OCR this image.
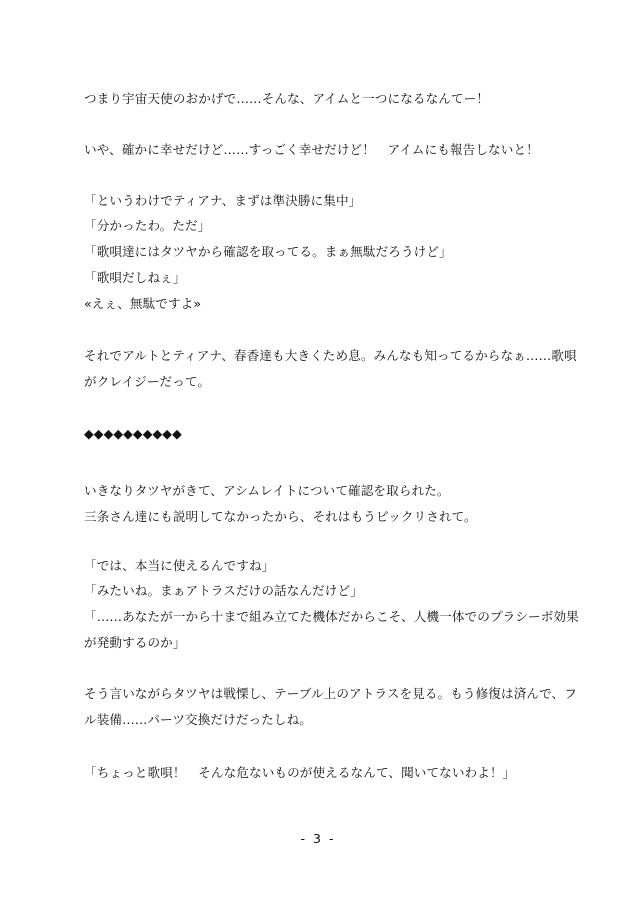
つまり宇宙天使のおかげで……そんな、アイムと一つになるなんてー！

いや、確かに幸せだけど……すっごく幸せだけど！　アイムにも報告しないと！

「というわけでティアナ、まずは準決勝に集中」

「分かったわ。ただ」

「歌唄達にはタツヤから確認を取ってる。まぁ無駄だろうけど」

「歌唄だしねぇ」

«えぇ、無駄ですよ»

それでアルトとティアナ、春香達も大きくため息。みんなも知ってるからなぁ……歌唄

がクレイジーだって。

◆◆◆◆◆◆◆◆◆◆

いきなりタツヤがきて、アシムレイトについて確認を取られた。

三条さん達にも説明してなかったから、それはもうビックリされて。

「では、本当に使えるんですね」

「みたいね。まぁアトラスだけの話なんだけど」

「……あなたが一から十まで組み立てた機体だからこそ、人機一体でのプラシーボ効果

が発動するのか」

そう言いながらタツヤは戦慄し、テーブル上のアトラスを見る。もう修復は済んで、フ

ル装備……パーツ交換だけだったしね。

「ちょっと歌唄！　そんな危ないものが使えるなんて、聞いてないわよ！」

- 3 -
